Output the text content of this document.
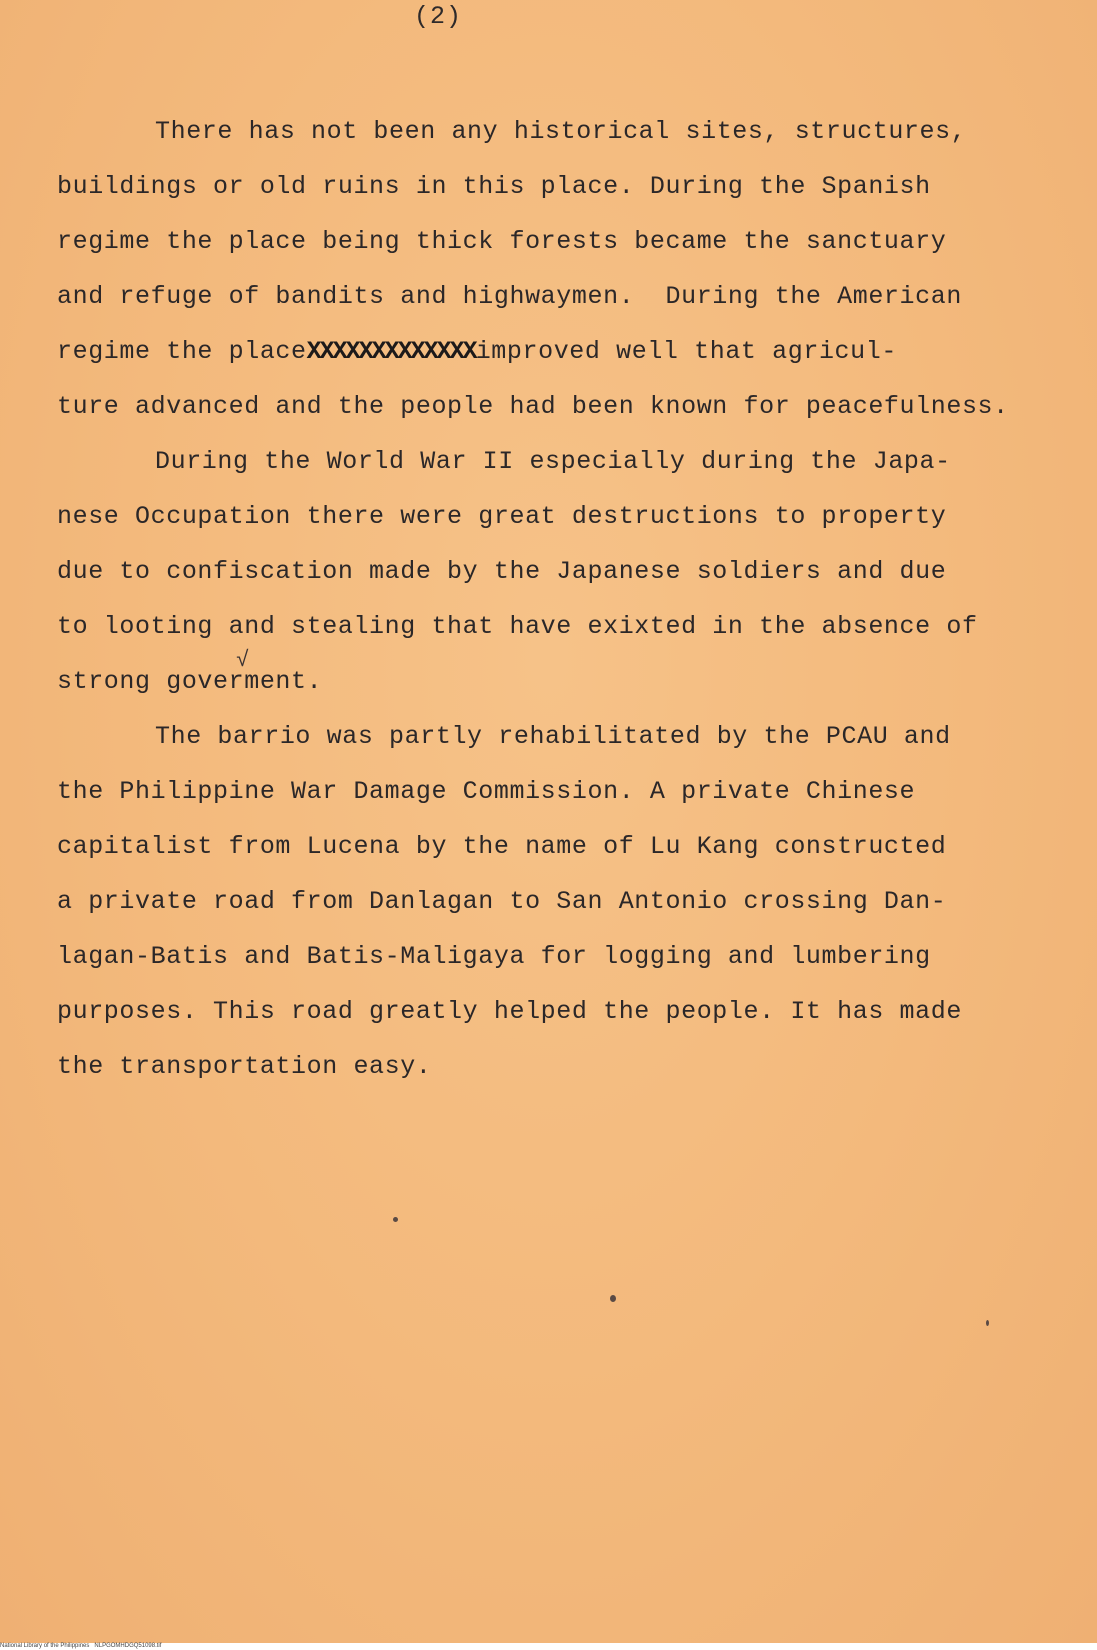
(2)
There has not been any historical sites, structures,
buildings or old ruins in this place. During the Spanish
regime the place being thick forests became the sanctuary
and refuge of bandits and highwaymen.  During the American
regime the placeXXXXXXXXXXXXXimproved well that agricul-
ture advanced and the people had been known for peacefulness.
During the World War II especially during the Japa-
nese Occupation there were great destructions to property
due to confiscation made by the Japanese soldiers and due
to looting and stealing that have exixted in the absence of
strong goverment.
The barrio was partly rehabilitated by the PCAU and
the Philippine War Damage Commission. A private Chinese
capitalist from Lucena by the name of Lu Kang constructed
a private road from Danlagan to San Antonio crossing Dan-
lagan-Batis and Batis-Maligaya for logging and lumbering
purposes. This road greatly helped the people. It has made
the transportation easy.
√
National Library of the Philippines NLPGOMHDGQ51098.tif
